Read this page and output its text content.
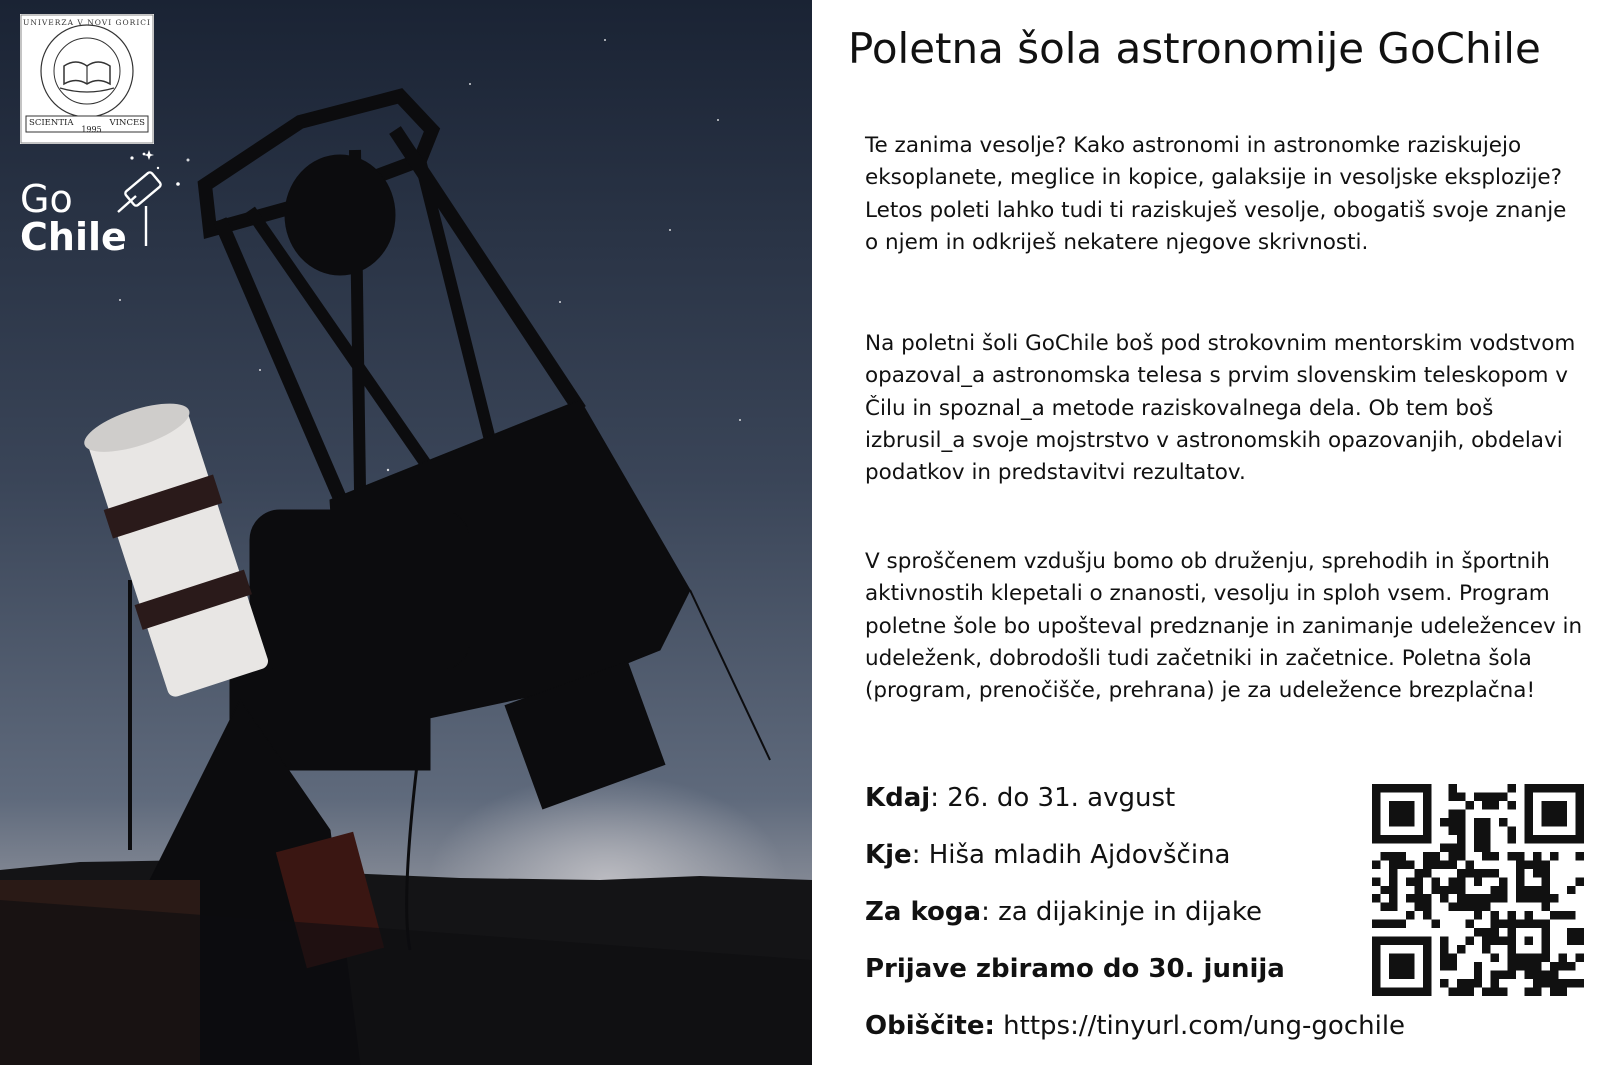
UNIVERZA V NOVI GORICI
SCIENTIA
1995
VINCES
Go
Chile
Poletna šola astronomije GoChile

Te zanima vesolje? Kako astronomi in astronomke raziskujejo eksoplanete, meglice in kopice, galaksije in vesoljske eksplozije? Letos poleti lahko tudi ti raziskuješ vesolje, obogatiš svoje znanje o njem in odkriješ nekatere njegove skrivnosti.

Na poletni šoli GoChile boš pod strokovnim mentorskim vodstvom opazoval_a astronomska telesa s prvim slovenskim teleskopom v Čilu in spoznal_a metode raziskovalnega dela. Ob tem boš izbrusil_a svoje mojstrstvo v astronomskih opazovanjih, obdelavi podatkov in predstavitvi rezultatov.

V sproščenem vzdušju bomo ob druženju, sprehodih in športnih aktivnostih klepetali o znanosti, vesolju in sploh vsem. Program poletne šole bo upošteval predznanje in zanimanje udeležencev in udeleženk, dobrodošli tudi začetniki in začetnice. Poletna šola (program, prenočišče, prehrana) je za udeležence brezplačna!

Kdaj: 26. do 31. avgust

Kje: Hiša mladih Ajdovščina

Za koga: za dijakinje in dijake

Prijave zbiramo do 30. junija

Obiščite: https://tinyurl.com/ung-gochile
